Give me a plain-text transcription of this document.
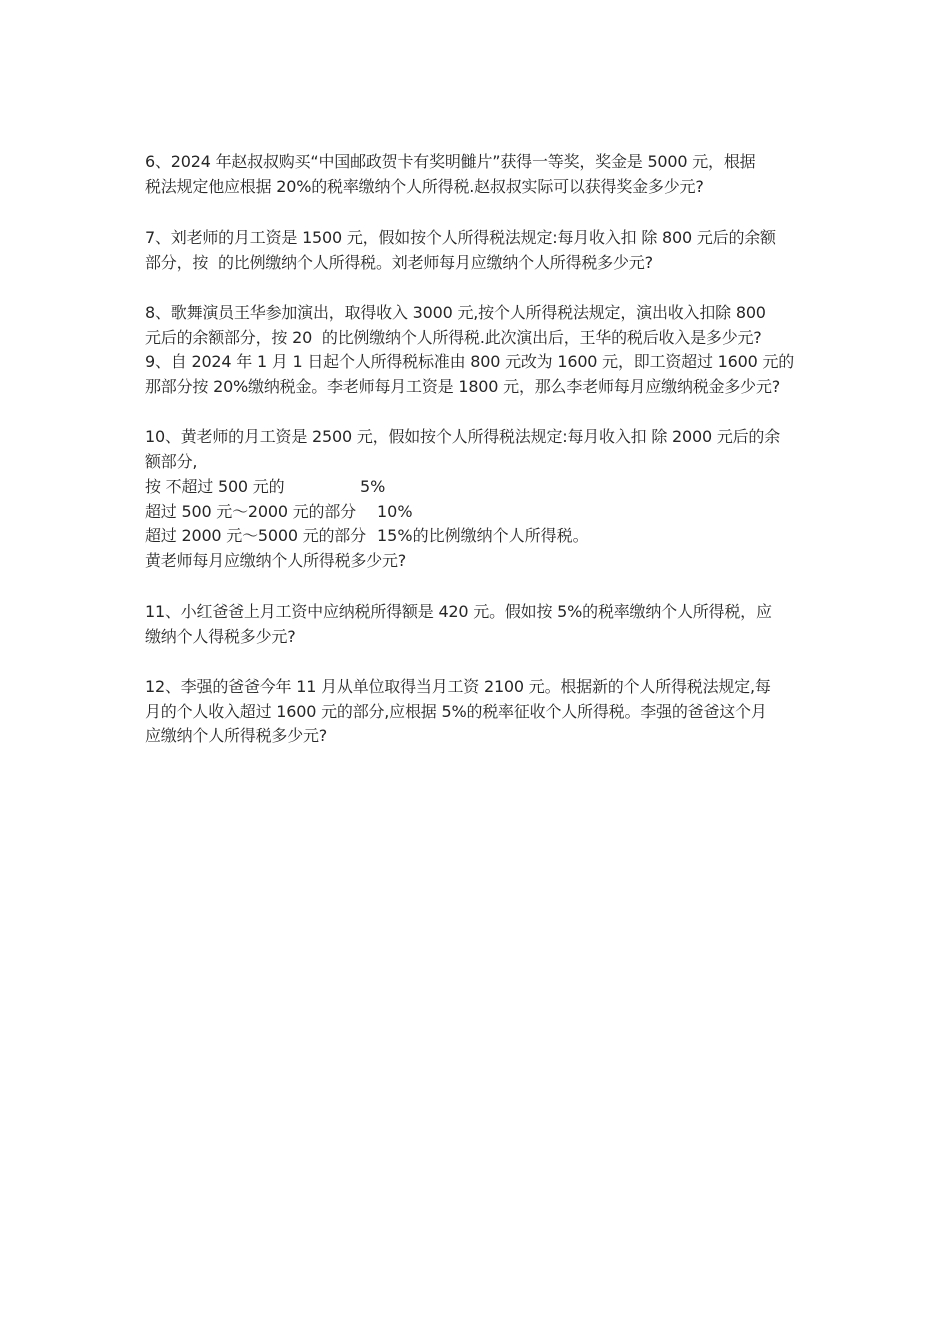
6、2024 年赵叔叔购买“中国邮政贺卡有奖明雠片”获得一等奖，奖金是 5000 元，根据
税法规定他应根据 20%的税率缴纳个人所得税.赵叔叔实际可以获得奖金多少元?
7、刘老师的月工资是 1500 元，假如按个人所得税法规定:每月收入扣 除 800 元后的余额
部分，按  的比例缴纳个人所得税。刘老师每月应缴纳个人所得税多少元?
8、歌舞演员王华参加演出，取得收入 3000 元,按个人所得税法规定，演出收入扣除 800
元后的余额部分，按 20  的比例缴纳个人所得税.此次演出后，王华的税后收入是多少元?
9、自 2024 年 1 月 1 日起个人所得税标准由 800 元改为 1600 元，即工资超过 1600 元的
那部分按 20%缴纳税金。李老师每月工资是 1800 元，那么李老师每月应缴纳税金多少元?
10、黄老师的月工资是 2500 元，假如按个人所得税法规定:每月收入扣 除 2000 元后的余
额部分,
按 不超过 500 元的	5%
超过 500 元～2000 元的部分 10%
超过 2000 元～5000 元的部分 15%的比例缴纳个人所得税。
黄老师每月应缴纳个人所得税多少元?
11、小红爸爸上月工资中应纳税所得额是 420 元。假如按 5%的税率缴纳个人所得税，应
缴纳个人得税多少元?
12、李强的爸爸今年 11 月从单位取得当月工资 2100 元。根据新的个人所得税法规定,每
月的个人收入超过 1600 元的部分,应根据 5%的税率征收个人所得税。李强的爸爸这个月
应缴纳个人所得税多少元?
